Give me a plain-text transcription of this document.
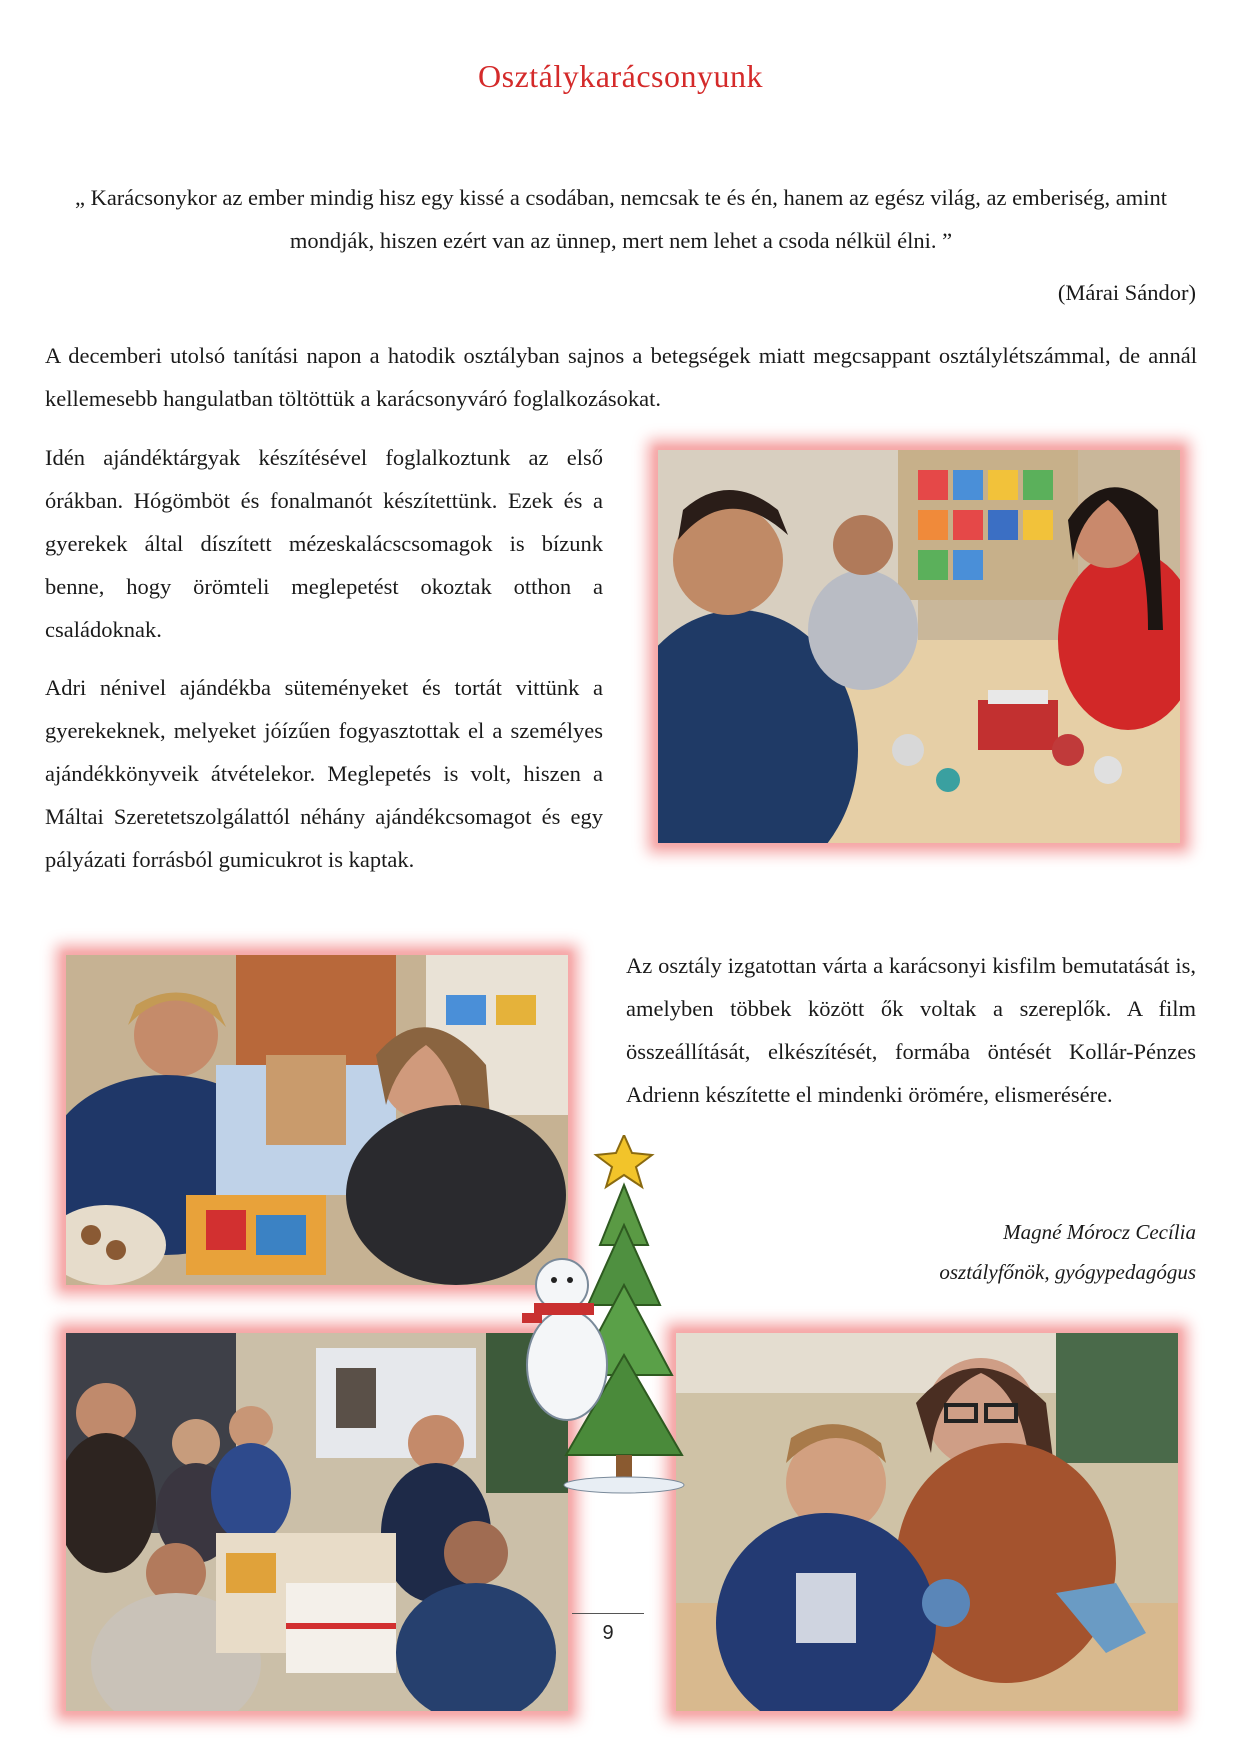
Osztálykarácsonyunk
„ Karácsonykor az ember mindig hisz egy kissé a csodában, nemcsak te és én, hanem az egész világ, az emberiség, amint mondják, hiszen ezért van az ünnep, mert nem lehet a csoda nélkül élni. ”
(Márai Sándor)
A decemberi utolsó tanítási napon a hatodik osztályban sajnos a betegségek miatt megcsappant osztálylétszámmal, de annál kellemesebb hangulatban töltöttük a karácsonyváró foglalkozásokat.
Idén ajándéktárgyak készítésével foglalkoztunk az első órákban. Hógömböt és fonalmanót készítettünk. Ezek és a gyerekek által díszített mézeskalácscsomagok is bízunk benne, hogy örömteli meglepetést okoztak otthon a családoknak.
Adri nénivel ajándékba süteményeket és tortát vittünk a gyerekeknek, melyeket jóízűen fogyasztottak el a személyes ajándékkönyveik átvételekor. Meglepetés is volt, hiszen a Máltai Szeretetszolgálattól néhány ajándékcsomagot és egy pályázati forrásból gumicukrot is kaptak.
Az osztály izgatottan várta a karácsonyi kisfilm bemutatását is, amelyben többek között ők voltak a szereplők. A film összeállítását, elkészítését, formába öntését Kollár-Pénzes Adrienn készítette el mindenki örömére, elismerésére.
Magné Mórocz Cecília
osztályfőnök, gyógypedagógus
9
